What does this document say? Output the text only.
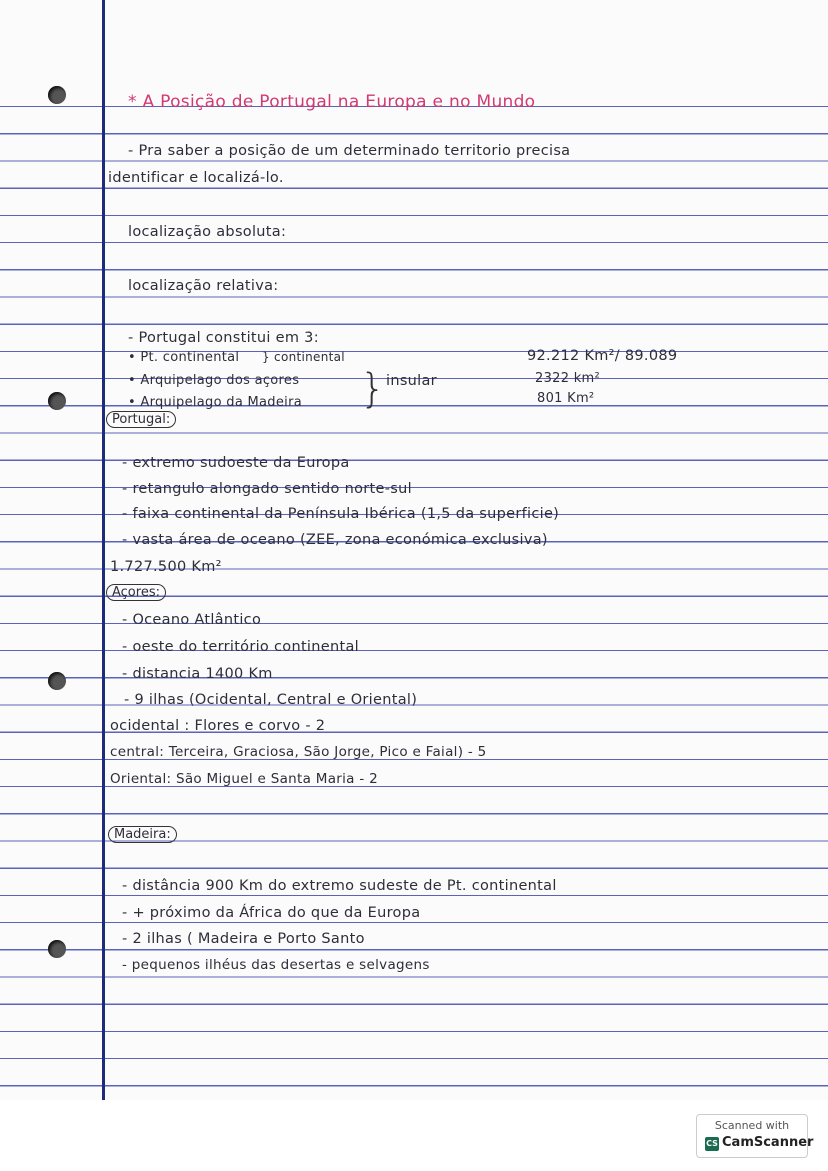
* A Posição de Portugal na Europa e no Mundo
- Pra saber a posição de um determinado territorio precisa
identificar e localizá-lo.
localização absoluta:
localização relativa:
- Portugal constitui em 3:
• Pt. continental
• Arquipelago dos açores
• Arquipelago da Madeira
} continental
} insular
92.212 Km²/ 89.089
2322 km²
801 Km²
Portugal:
- extremo sudoeste da Europa
- retangulo alongado sentido norte-sul
- faixa continental da Península Ibérica (1,5 da superficie)
- vasta área de oceano (ZEE, zona económica exclusiva)
1.727.500 Km²
Açores:
- Oceano Atlântico
- oeste do território continental
- distancia 1400 Km
- 9 ilhas (Ocidental, Central e Oriental)
ocidental : Flores e corvo - 2
central: Terceira, Graciosa, São Jorge, Pico e Faial) - 5
Oriental: São Miguel e Santa Maria - 2
Madeira:
- distância 900 Km do extremo sudeste de Pt. continental
- + próximo da África do que da Europa
- 2 ilhas ( Madeira e Porto Santo
- pequenos ilhéus das desertas e selvagens
Scanned with
CS CamScanner
